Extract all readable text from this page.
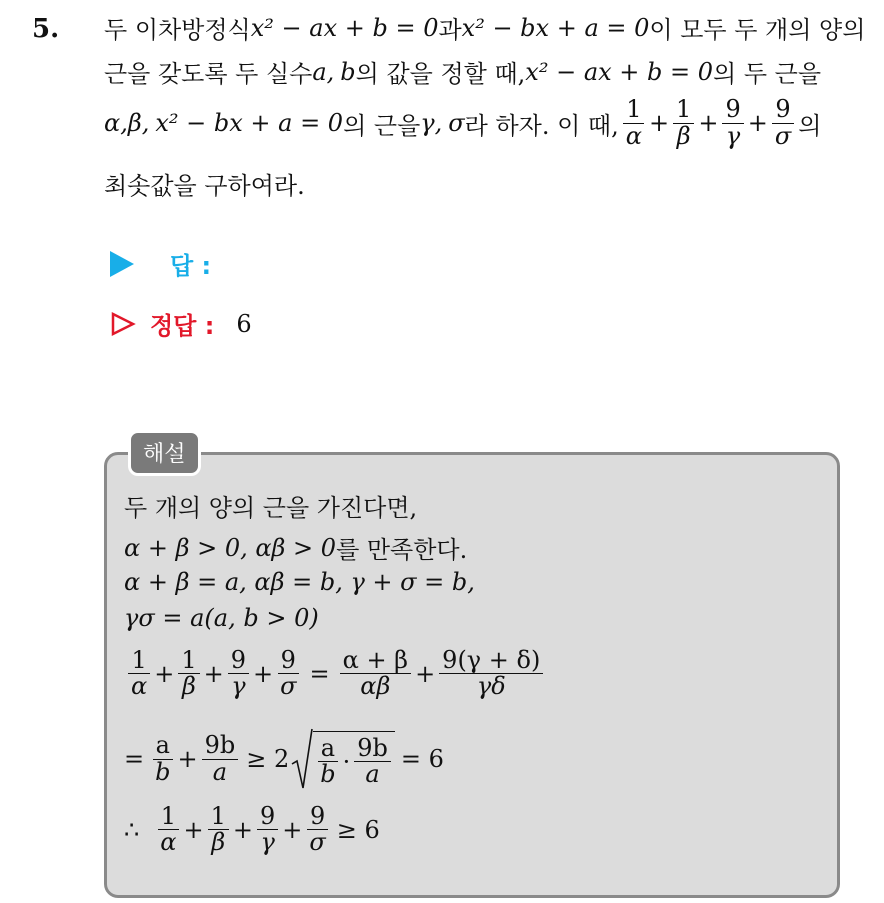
5. 두 이차방정식 x² − ax + b = 0 과 x² − bx + a = 0 이 모두 두 개의 양의
근을 갖도록 두 실수 a, b 의 값을 정할 때, x² − ax + b = 0 의 두 근을
α,β, x² − bx + a = 0 의 근을 γ, σ 라 하자. 이 때, $\frac{1}{\alpha} + \frac{1}{\beta} + \frac{9}{\gamma} + \frac{9}{\sigma}$ 의
최솟값을 구하여라.
답 :
정답 : 6
해설
두 개의 양의 근을 가진다면,
α + β > 0, αβ > 0 를 만족한다.
α + β = a, αβ = b, γ + σ = b,
γσ = a(a, b > 0)
$\frac{1}{\alpha} + \frac{1}{\beta} + \frac{9}{\gamma} + \frac{9}{\sigma} = \frac{\alpha + \beta}{\alpha\beta} + \frac{9(\gamma + \delta)}{\gamma\delta}$
= $\frac{a}{b} + \frac{9b}{a} \ge 2 \frac{a}{b} \cdot \frac{9b}{a} = 6$
∴ $\frac{1}{\alpha} + \frac{1}{\beta} + \frac{9}{\gamma} + \frac{9}{\sigma} \ge 6$
